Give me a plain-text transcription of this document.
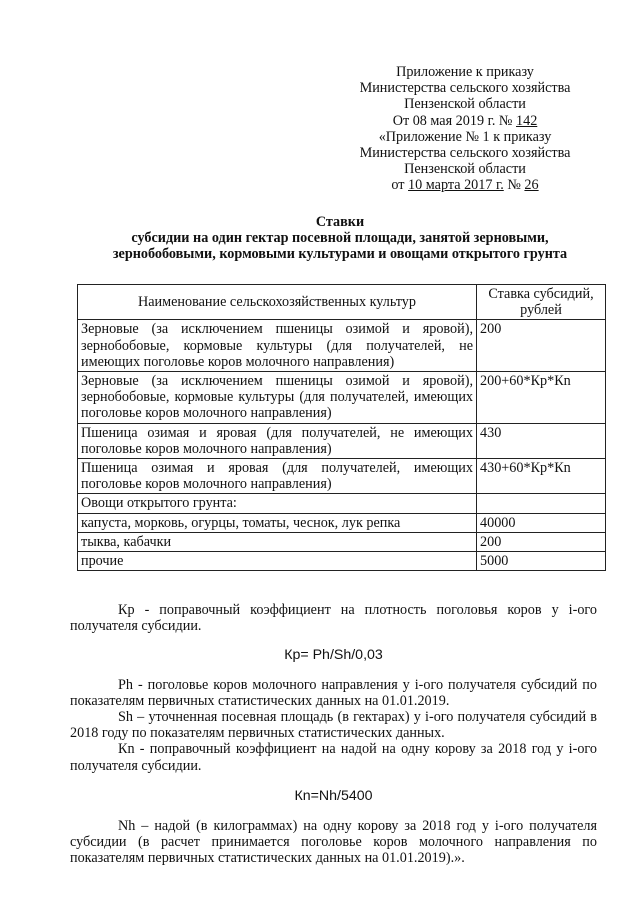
Приложение к приказу
Министерства сельского хозяйства
Пензенской области
От 08 мая 2019 г. № 142
«Приложение № 1 к приказу
Министерства сельского хозяйства
Пензенской области
от 10 марта 2017 г. № 26
Ставки
субсидии на один гектар посевной площади, занятой зерновыми,
зернобобовыми, кормовыми культурами и овощами открытого грунта
Наименование сельскохозяйственных культур	Ставка субсидий,
рублей
Зерновые (за исключением пшеницы озимой и яровой), зернобобовые, кормовые культуры (для получателей, не имеющих поголовье коров молочного направления)	200
Зерновые (за исключением пшеницы озимой и яровой), зернобобовые, кормовые культуры (для получателей, имеющих поголовье коров молочного направления)	200+60*Кр*Кn
Пшеница озимая и яровая (для получателей, не имеющих поголовье коров молочного направления)	430
Пшеница озимая и яровая (для получателей, имеющих поголовье коров молочного направления)	430+60*Кр*Кn
Овощи открытого грунта:	
капуста, морковь, огурцы, томаты, чеснок, лук репка	40000
тыква, кабачки	200
прочие	5000

Кр - поправочный коэффициент на плотность поголовья коров у i-ого получателя субсидии.

Кр= Ph/Sh/0,03

Ph - поголовье коров молочного направления у i-ого получателя субсидий по показателям первичных статистических данных на 01.01.2019.

Sh – уточненная посевная площадь (в гектарах) у i-ого получателя субсидий в 2018 году по показателям первичных статистических данных.

Кn - поправочный коэффициент на надой на одну корову за 2018 год у i-ого получателя субсидии.

Кn=Nh/5400

Nh – надой (в килограммах) на одну корову за 2018 год у i-ого получателя субсидии (в расчет принимается поголовье коров молочного направления по показателям первичных статистических данных на 01.01.2019).».
